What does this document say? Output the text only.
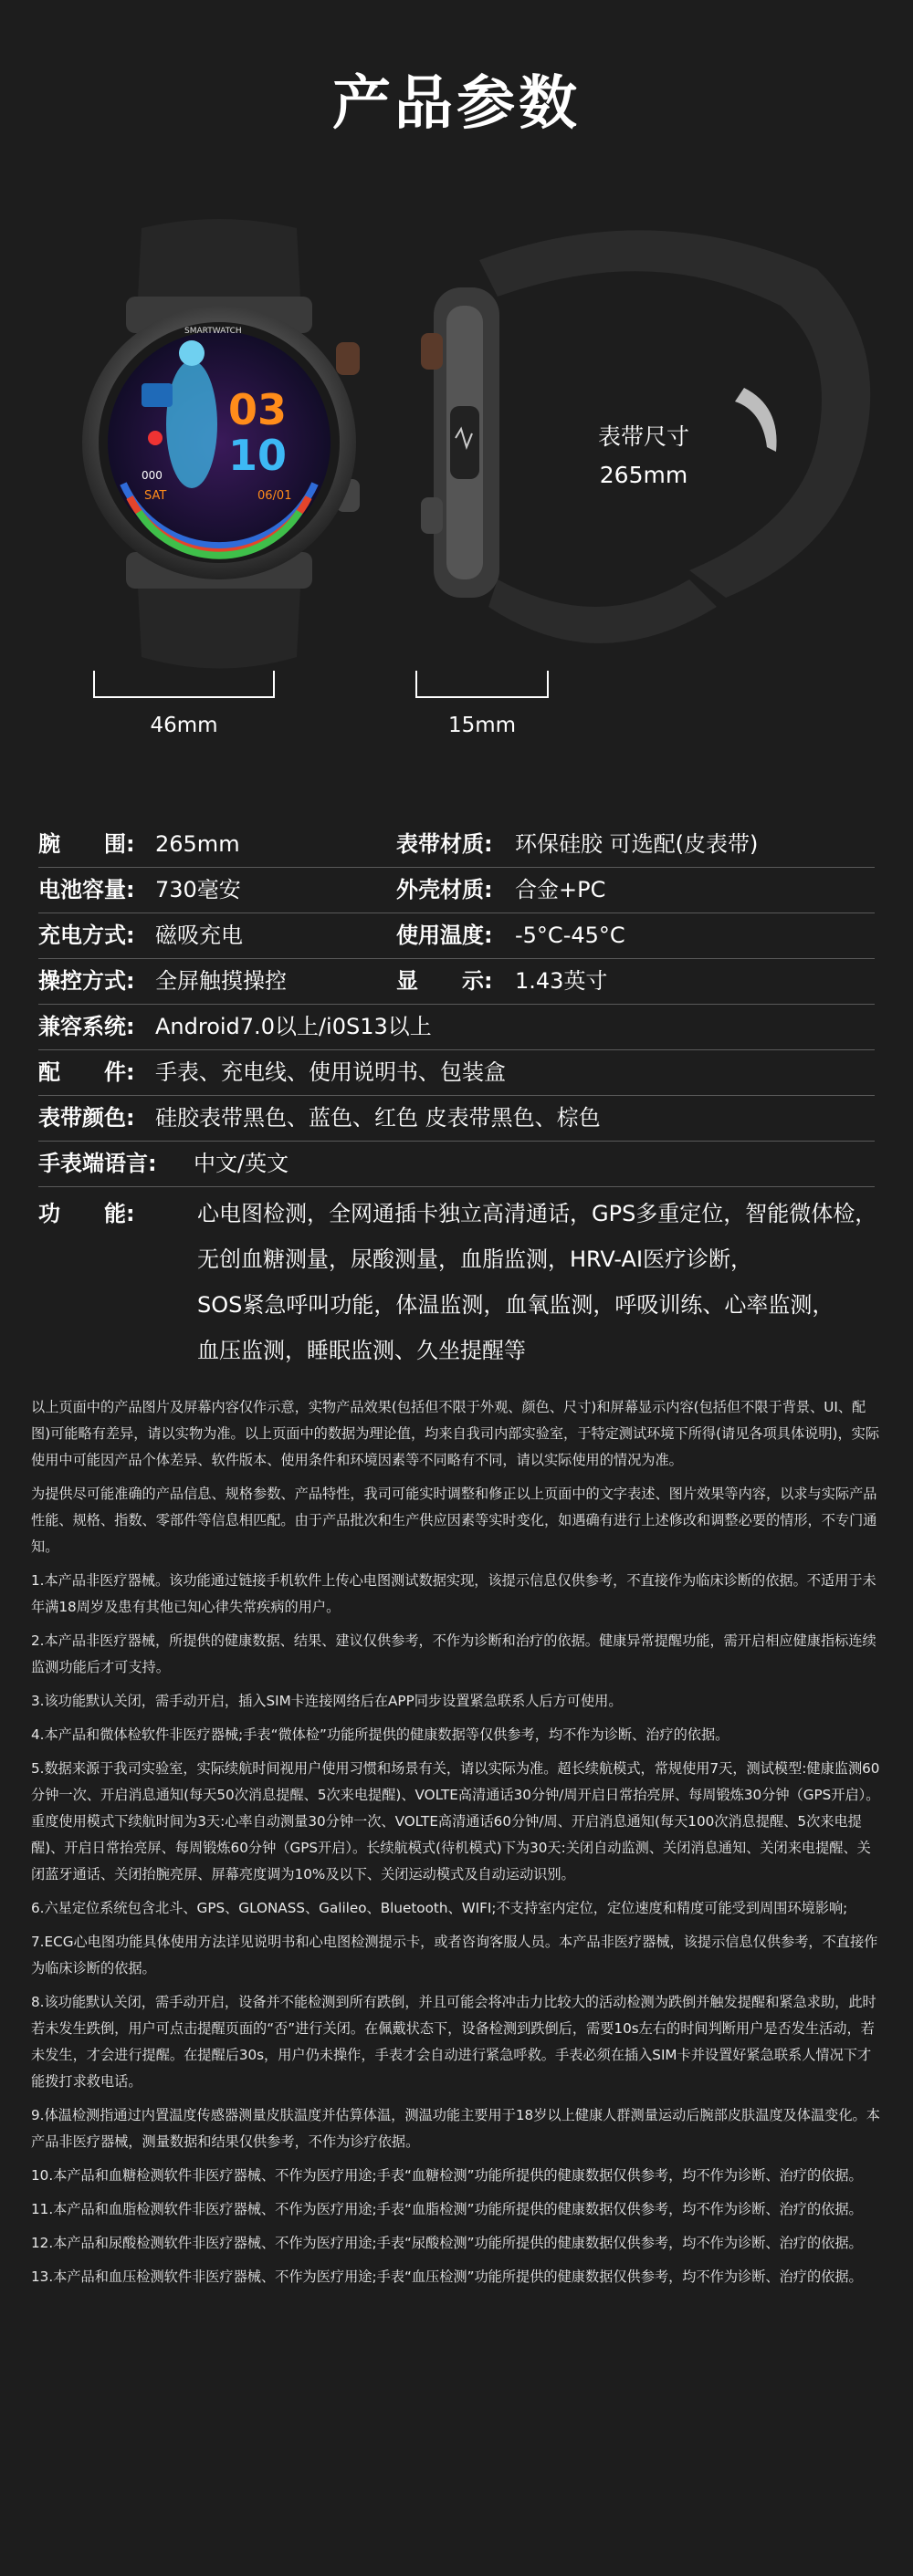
产品参数
000
SMARTWATCH
03
10
SAT	06/01
表带尺寸
265mm
46mm	15mm
腕　　围: 265mm	表带材质: 环保硅胶 可选配(皮表带)
电池容量: 730毫安	外壳材质: 合金+PC
充电方式: 磁吸充电	使用温度: -5°C-45°C
操控方式: 全屏触摸操控	显　　示: 1.43英寸
兼容系统: Android7.0以上/i0S13以上
配　　件: 手表、充电线、使用说明书、包装盒
表带颜色: 硅胶表带黑色、蓝色、红色 皮表带黑色、棕色
手表端语言: 中文/英文
功　　能:	心电图检测，全网通插卡独立高清通话，GPS多重定位，智能微体检，
无创血糖测量，尿酸测量，血脂监测，HRV-AI医疗诊断，
SOS紧急呼叫功能，体温监测，血氧监测，呼吸训练、心率监测，
血压监测，睡眠监测、久坐提醒等

以上页面中的产品图片及屏幕内容仅作示意，实物产品效果(包括但不限于外观、颜色、尺寸)和屏幕显示内容(包括但不限于背景、UI、配图)可能略有差异，请以实物为准。以上页面中的数据为理论值，均来自我司内部实验室，于特定测试环境下所得(请见各项具体说明)，实际使用中可能因产品个体差异、软件版本、使用条件和环境因素等不同略有不同，请以实际使用的情况为准。

为提供尽可能准确的产品信息、规格参数、产品特性，我司可能实时调整和修正以上页面中的文字表述、图片效果等内容，以求与实际产品性能、规格、指数、零部件等信息相匹配。由于产品批次和生产供应因素等实时变化，如遇确有进行上述修改和调整必要的情形，不专门通知。

1.本产品非医疗器械。该功能通过链接手机软件上传心电图测试数据实现，该提示信息仅供参考，不直接作为临床诊断的依据。不适用于未年满18周岁及患有其他已知心律失常疾病的用户。

2.本产品非医疗器械，所提供的健康数据、结果、建议仅供参考，不作为诊断和治疗的依据。健康异常提醒功能，需开启相应健康指标连续监测功能后才可支持。

3.该功能默认关闭，需手动开启，插入SIM卡连接网络后在APP同步设置紧急联系人后方可使用。

4.本产品和微体检软件非医疗器械;手表“微体检”功能所提供的健康数据等仅供参考，均不作为诊断、治疗的依据。

5.数据来源于我司实验室，实际续航时间视用户使用习惯和场景有关，请以实际为准。超长续航模式，常规使用7天，测试模型:健康监测60分钟一次、开启消息通知(每天50次消息提醒、5次来电提醒)、VOLTE高清通话30分钟/周开启日常抬亮屏、每周锻炼30分钟（GPS开启）。重度使用模式下续航时间为3天:心率自动测量30分钟一次、VOLTE高清通话60分钟/周、开启消息通知(每天100次消息提醒、5次来电提醒)、开启日常抬亮屏、每周锻炼60分钟（GPS开启）。长续航模式(待机模式)下为30天:关闭自动监测、关闭消息通知、关闭来电提醒、关闭蓝牙通话、关闭抬腕亮屏、屏幕亮度调为10%及以下、关闭运动模式及自动运动识别。

6.六星定位系统包含北斗、GPS、GLONASS、Galileo、Bluetooth、WIFI;不支持室内定位，定位速度和精度可能受到周围环境影响;

7.ECG心电图功能具体使用方法详见说明书和心电图检测提示卡，或者咨询客服人员。本产品非医疗器械，该提示信息仅供参考，不直接作为临床诊断的依据。

8.该功能默认关闭，需手动开启，设备并不能检测到所有跌倒，并且可能会将冲击力比较大的活动检测为跌倒并触发提醒和紧急求助，此时若未发生跌倒，用户可点击提醒页面的“否”进行关闭。在佩戴状态下，设备检测到跌倒后，需要10s左右的时间判断用户是否发生活动，若未发生，才会进行提醒。在提醒后30s，用户仍未操作，手表才会自动进行紧急呼救。手表必须在插入SIM卡并设置好紧急联系人情况下才能拨打求救电话。

9.体温检测指通过内置温度传感器测量皮肤温度并估算体温，测温功能主要用于18岁以上健康人群测量运动后腕部皮肤温度及体温变化。本产品非医疗器械，测量数据和结果仅供参考，不作为诊疗依据。

10.本产品和血糖检测软件非医疗器械、不作为医疗用途;手表“血糖检测”功能所提供的健康数据仅供参考，均不作为诊断、治疗的依据。

11.本产品和血脂检测软件非医疗器械、不作为医疗用途;手表“血脂检测”功能所提供的健康数据仅供参考，均不作为诊断、治疗的依据。

12.本产品和尿酸检测软件非医疗器械、不作为医疗用途;手表“尿酸检测”功能所提供的健康数据仅供参考，均不作为诊断、治疗的依据。

13.本产品和血压检测软件非医疗器械、不作为医疗用途;手表“血压检测”功能所提供的健康数据仅供参考，均不作为诊断、治疗的依据。
